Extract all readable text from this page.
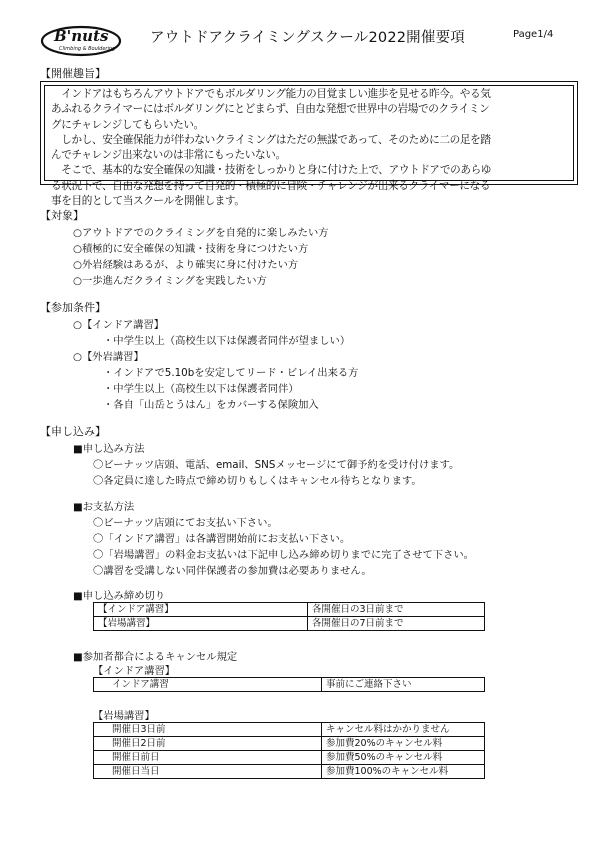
B'nuts
Climbing & Bouldering
アウトドアクライミングスクール2022開催要項	Page1/4
【開催趣旨】
　インドアはもちろんアウトドアでもボルダリング能力の目覚ましい進歩を見せる昨今。やる気
あふれるクライマーにはボルダリングにとどまらず、自由な発想で世界中の岩場でのクライミン
グにチャレンジしてもらいたい。
　しかし、安全確保能力が伴わないクライミングはただの無謀であって、そのために二の足を踏
んでチャレンジ出来ないのは非常にもったいない。
　そこで、基本的な安全確保の知識・技術をしっかりと身に付けた上で、アウトドアでのあらゆ
る状況下で、自由な発想を持って自発的・積極的に冒険・チャレンジが出来るクライマーになる
事を目的として当スクールを開催します。
【対象】
○アウトドアでのクライミングを自発的に楽しみたい方
○積極的に安全確保の知識・技術を身につけたい方
○外岩経験はあるが、より確実に身に付けたい方
○一歩進んだクライミングを実践したい方
【参加条件】
○【インドア講習】
・中学生以上（高校生以下は保護者同伴が望ましい）
○【外岩講習】
・インドアで5.10bを安定してリード・ビレイ出来る方
・中学生以上（高校生以下は保護者同伴）
・各自「山岳とうはん」をカバーする保険加入
【申し込み】
■申し込み方法
〇ビーナッツ店頭、電話、email、SNSメッセージにて御予約を受け付けます。
〇各定員に達した時点で締め切りもしくはキャンセル待ちとなります。
■お支払方法
〇ビーナッツ店頭にてお支払い下さい。
〇「インドア講習」は各講習開始前にお支払い下さい。
〇「岩場講習」の料金お支払いは下記申し込み締め切りまでに完了させて下さい。
〇講習を受講しない同伴保護者の参加費は必要ありません。
■申し込み締め切り
【インドア講習】	各開催日の3日前まで
【岩場講習】	各開催日の7日前まで
■参加者都合によるキャンセル規定
【インドア講習】
インドア講習	事前にご連絡下さい
【岩場講習】
開催日3日前	キャンセル料はかかりません
開催日2日前	参加費20%のキャンセル料
開催日前日	参加費50%のキャンセル料
開催日当日	参加費100%のキャンセル料
